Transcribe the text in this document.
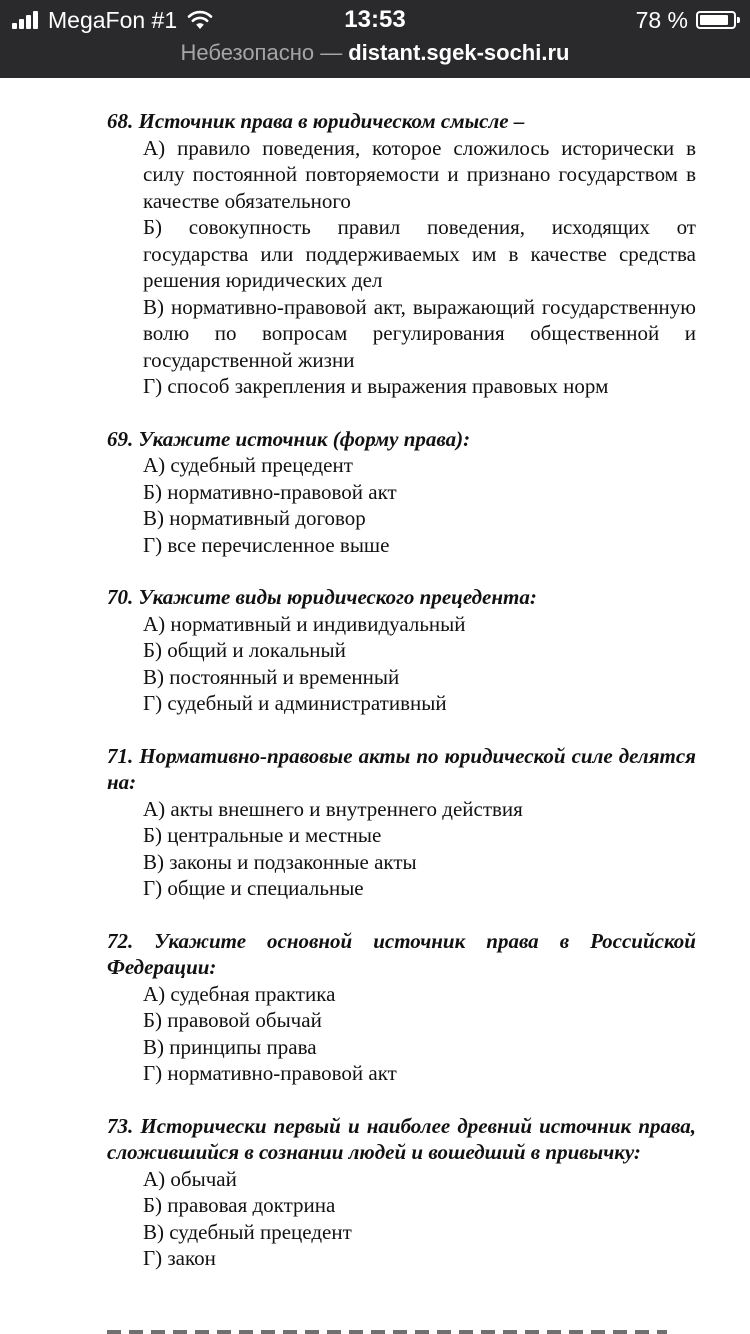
MegaFon #1	13:53	78 %
Небезопасно — distant.sgek-sochi.ru
68. Источник права в юридическом смысле –
А) правило поведения, которое сложилось исторически в силу постоянной повторяемости и признано государством в качестве обязательного
Б) совокупность правил поведения, исходящих от государства или поддерживаемых им в качестве средства решения юридических дел
В) нормативно-правовой акт, выражающий государственную волю по вопросам регулирования общественной и государственной жизни
Г) способ закрепления и выражения правовых норм
69. Укажите источник (форму права):
А) судебный прецедент
Б) нормативно-правовой акт
В) нормативный договор
Г) все перечисленное выше
70. Укажите виды юридического прецедента:
А) нормативный и индивидуальный
Б) общий и локальный
В) постоянный и временный
Г) судебный и административный
71. Нормативно-правовые акты по юридической силе делятся на:
А) акты внешнего и внутреннего действия
Б) центральные и местные
В) законы и подзаконные акты
Г) общие и специальные
72. Укажите основной источник права в Российской Федерации:
А) судебная практика
Б) правовой обычай
В) принципы права
Г) нормативно-правовой акт
73. Исторически первый и наиболее древний источник права, сложившийся в сознании людей и вошедший в привычку:
А) обычай
Б) правовая доктрина
В) судебный прецедент
Г) закон
